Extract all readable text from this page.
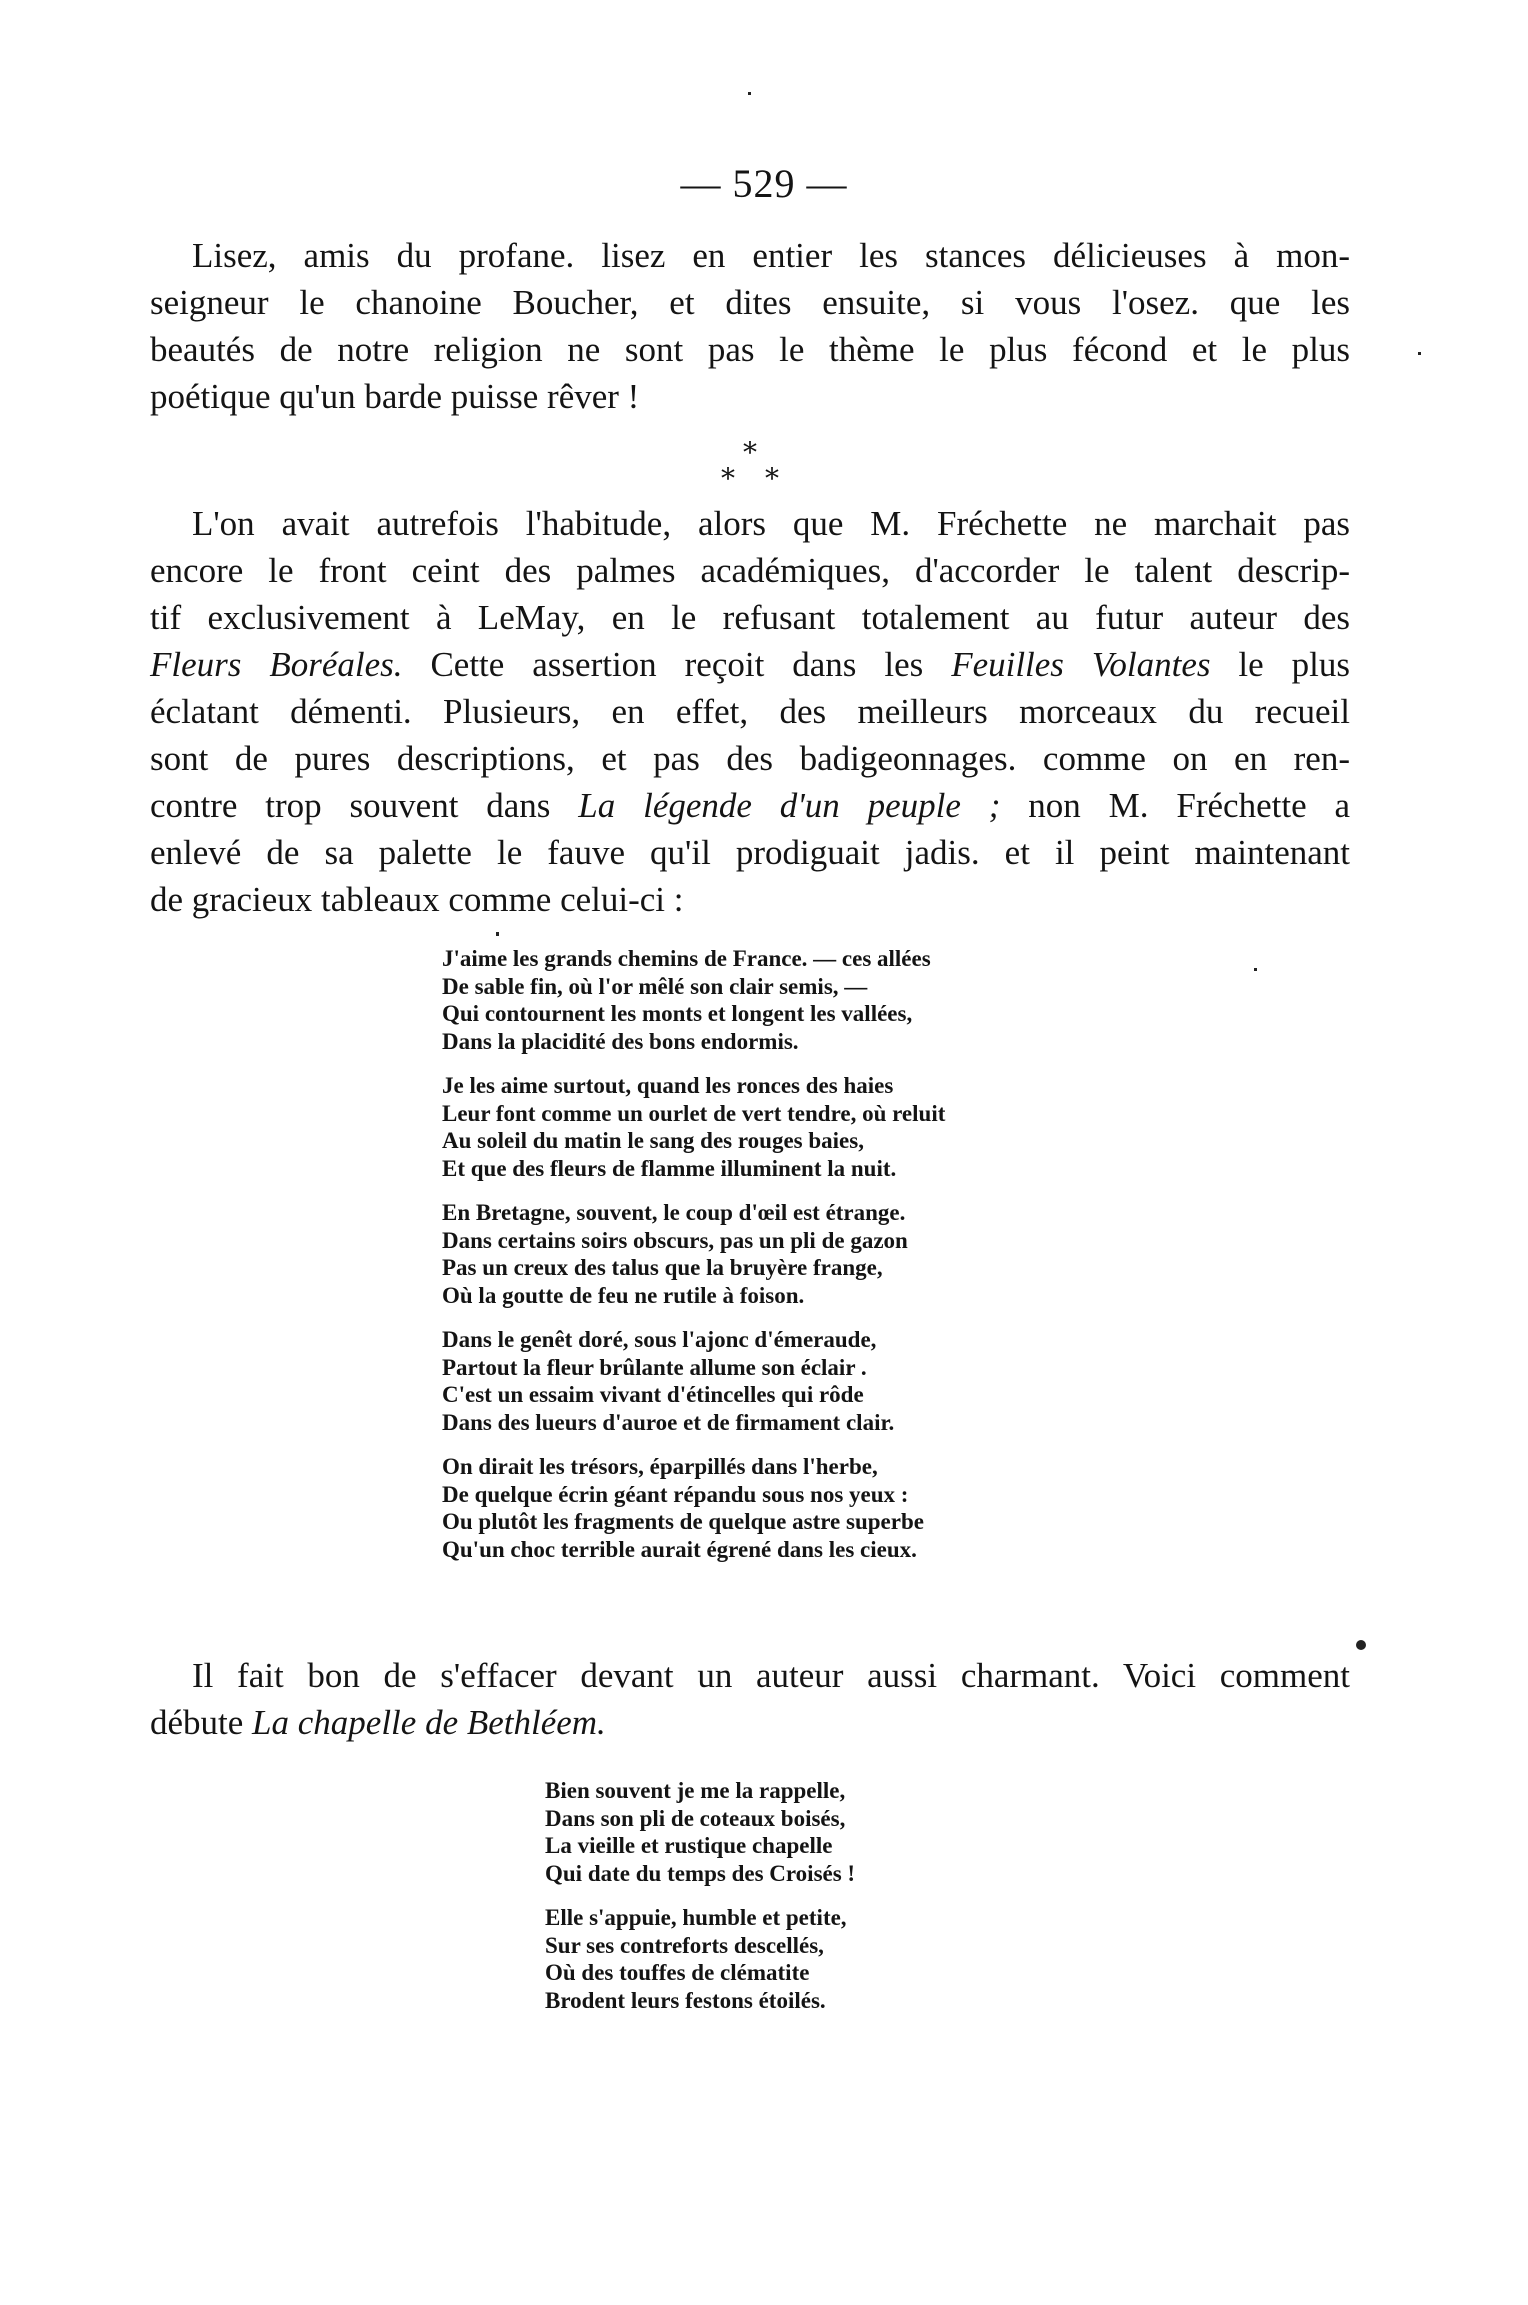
— 529 —

Lisez, amis du profane. lisez en entier les stances délicieuses à mon-
seigneur le chanoine Boucher, et dites ensuite, si vous l'osez. que les
beautés de notre religion ne sont pas le thème le plus fécond et le plus
poétique qu'un barde puisse rêver !

*
* *

L'on avait autrefois l'habitude, alors que M. Fréchette ne marchait pas
encore le front ceint des palmes académiques, d'accorder le talent descrip-
tif exclusivement à LeMay, en le refusant totalement au futur auteur des
Fleurs Boréales. Cette assertion reçoit dans les Feuilles Volantes le plus
éclatant démenti. Plusieurs, en effet, des meilleurs morceaux du recueil
sont de pures descriptions, et pas des badigeonnages. comme on en ren-
contre trop souvent dans La légende d'un peuple ; non M. Fréchette a
enlevé de sa palette le fauve qu'il prodiguait jadis. et il peint maintenant
de gracieux tableaux comme celui-ci :

J'aime les grands chemins de France. — ces allées
De sable fin, où l'or mêlé son clair semis, —
Qui contournent les monts et longent les vallées,
Dans la placidité des bons endormis.
Je les aime surtout, quand les ronces des haies
Leur font comme un ourlet de vert tendre, où reluit
Au soleil du matin le sang des rouges baies,
Et que des fleurs de flamme illuminent la nuit.
En Bretagne, souvent, le coup d'œil est étrange.
Dans certains soirs obscurs, pas un pli de gazon
Pas un creux des talus que la bruyère frange,
Où la goutte de feu ne rutile à foison.
Dans le genêt doré, sous l'ajonc d'émeraude,
Partout la fleur brûlante allume son éclair .
C'est un essaim vivant d'étincelles qui rôde
Dans des lueurs d'auroe et de firmament clair.
On dirait les trésors, éparpillés dans l'herbe,
De quelque écrin géant répandu sous nos yeux :
Ou plutôt les fragments de quelque astre superbe
Qu'un choc terrible aurait égrené dans les cieux.

Il fait bon de s'effacer devant un auteur aussi charmant. Voici comment
débute La chapelle de Bethléem.

Bien souvent je me la rappelle,
Dans son pli de coteaux boisés,
La vieille et rustique chapelle
Qui date du temps des Croisés !
Elle s'appuie, humble et petite,
Sur ses contreforts descellés,
Où des touffes de clématite
Brodent leurs festons étoilés.
